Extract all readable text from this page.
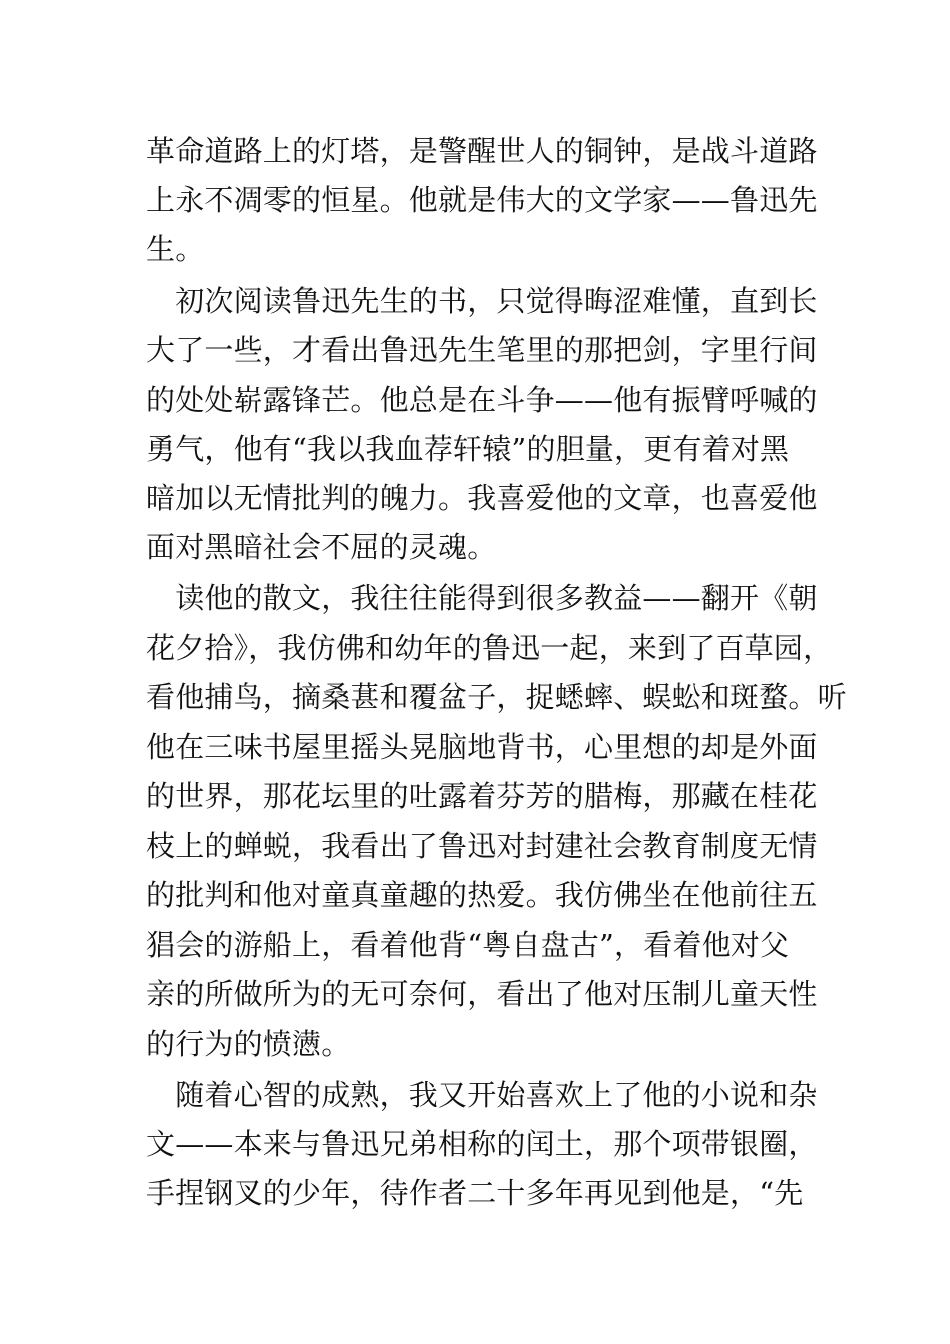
革命道路上的灯塔，是警醒世人的铜钟，是战斗道路
上永不凋零的恒星。他就是伟大的文学家——鲁迅先
生。
　初次阅读鲁迅先生的书，只觉得晦涩难懂，直到长
大了一些，才看出鲁迅先生笔里的那把剑，字里行间
的处处崭露锋芒。他总是在斗争——他有振臂呼喊的
勇气，他有“我以我血荐轩辕”的胆量，更有着对黑
暗加以无情批判的魄力。我喜爱他的文章，也喜爱他
面对黑暗社会不屈的灵魂。
　读他的散文，我往往能得到很多教益——翻开《朝
花夕拾》，我仿佛和幼年的鲁迅一起，来到了百草园，
看他捕鸟，摘桑葚和覆盆子，捉蟋蟀、蜈蚣和斑蝥。听
他在三味书屋里摇头晃脑地背书，心里想的却是外面
的世界，那花坛里的吐露着芬芳的腊梅，那藏在桂花
枝上的蝉蜕，我看出了鲁迅对封建社会教育制度无情
的批判和他对童真童趣的热爱。我仿佛坐在他前往五
猖会的游船上，看着他背“粤自盘古”，看着他对父
亲的所做所为的无可奈何，看出了他对压制儿童天性
的行为的愤懑。
　随着心智的成熟，我又开始喜欢上了他的小说和杂
文——本来与鲁迅兄弟相称的闰土，那个项带银圈，
手捏钢叉的少年，待作者二十多年再见到他是，“先
